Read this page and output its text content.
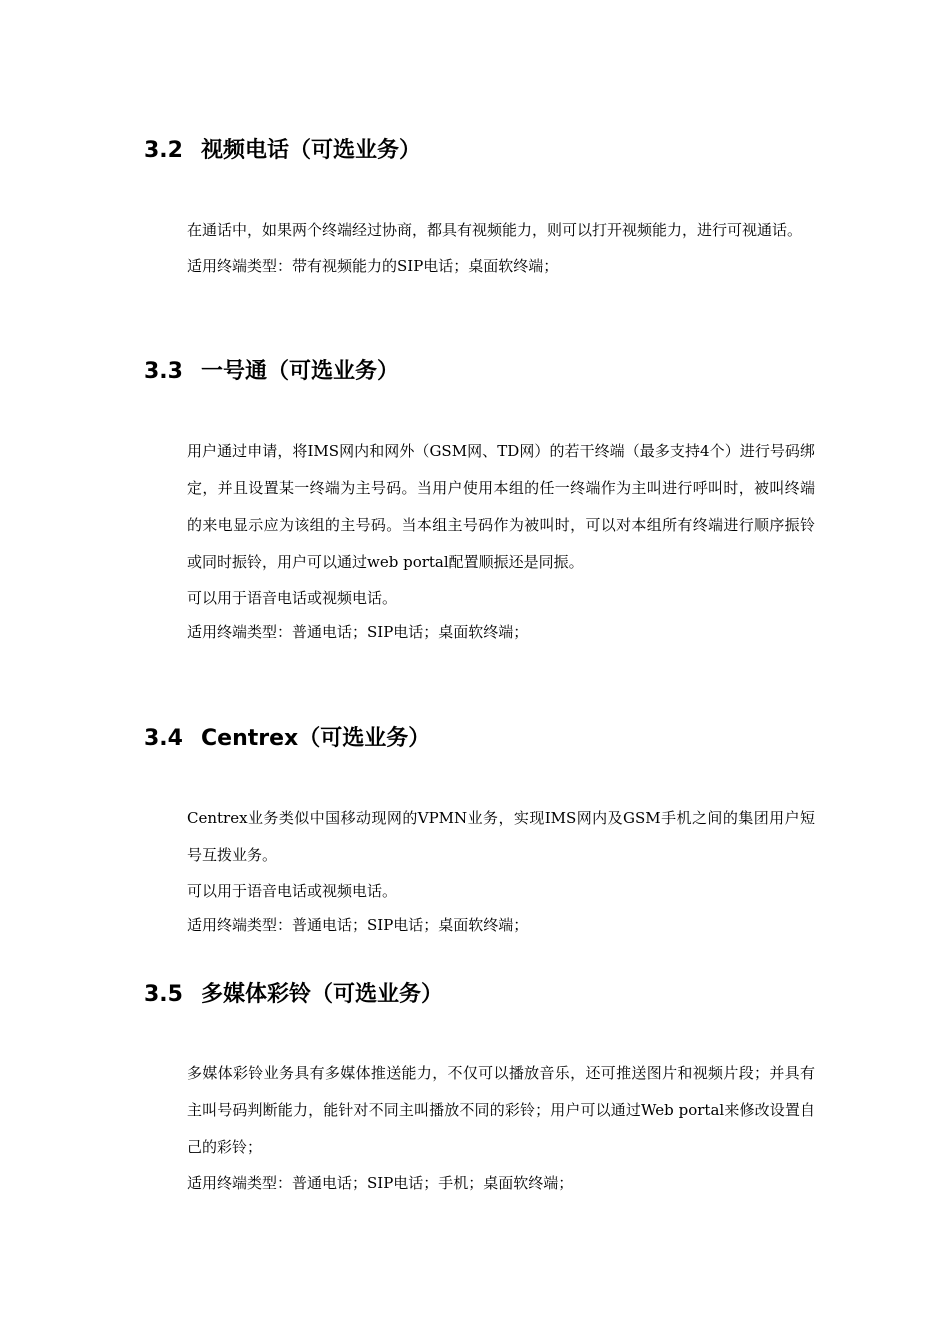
3.2 视频电话（可选业务）

在通话中，如果两个终端经过协商，都具有视频能力，则可以打开视频能力，进行可视通话。

适用终端类型：带有视频能力的SIP电话；桌面软终端；

3.3 一号通（可选业务）

用户通过申请，将IMS网内和网外（GSM网、TD网）的若干终端（最多支持4个）进行号码绑定，并且设置某一终端为主号码。当用户使用本组的任一终端作为主叫进行呼叫时，被叫终端的来电显示应为该组的主号码。当本组主号码作为被叫时，可以对本组所有终端进行顺序振铃或同时振铃，用户可以通过web portal配置顺振还是同振。

可以用于语音电话或视频电话。

适用终端类型：普通电话；SIP电话；桌面软终端；

3.4 Centrex（可选业务）

Centrex业务类似中国移动现网的VPMN业务，实现IMS网内及GSM手机之间的集团用户短号互拨业务。

可以用于语音电话或视频电话。

适用终端类型：普通电话；SIP电话；桌面软终端；

3.5 多媒体彩铃（可选业务）

多媒体彩铃业务具有多媒体推送能力，不仅可以播放音乐，还可推送图片和视频片段；并具有主叫号码判断能力，能针对不同主叫播放不同的彩铃；用户可以通过Web portal来修改设置自己的彩铃；

适用终端类型：普通电话；SIP电话；手机；桌面软终端；
